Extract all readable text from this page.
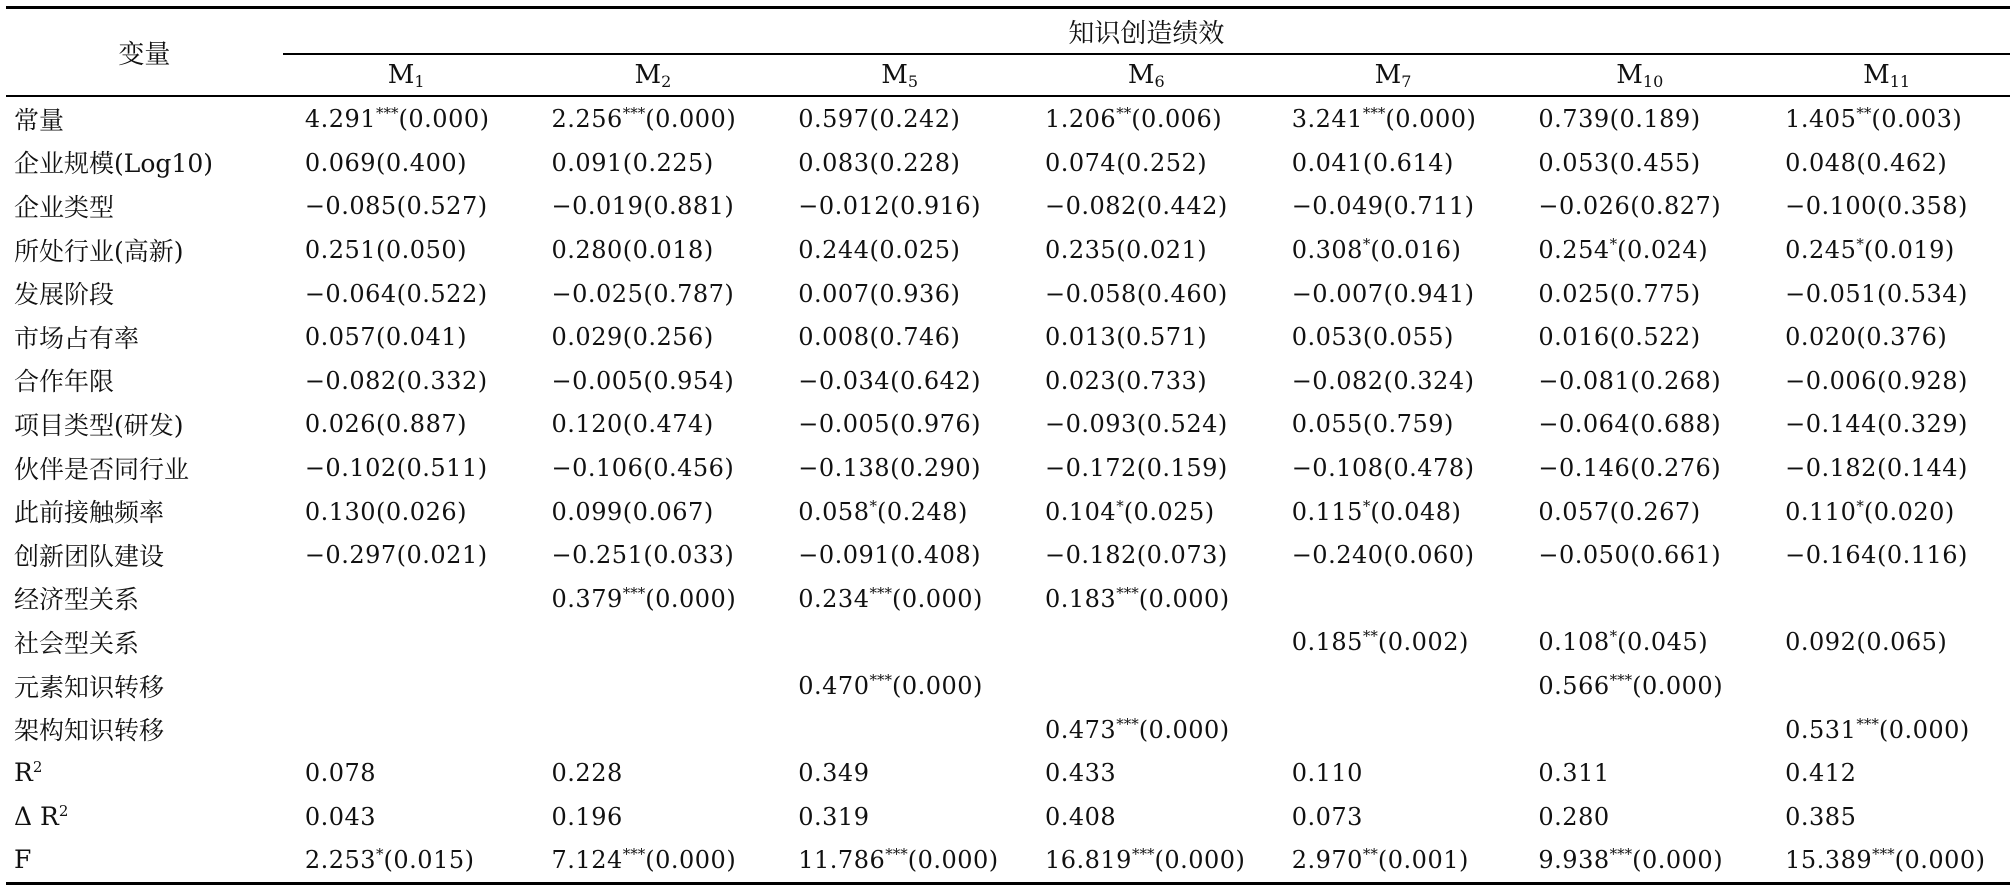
变量	知识创造绩效						
	$M_1$	$M_2$	$M_5$	$M_6$	$M_7$	$M_{10}$	$M_{11}$
常量	4.291***(0.000)	2.256***(0.000)	0.597(0.242)	1.206**(0.006)	3.241***(0.000)	0.739(0.189)	1.405**(0.003)
企业规模(Log10)	0.069(0.400)	0.091(0.225)	0.083(0.228)	0.074(0.252)	0.041(0.614)	0.053(0.455)	0.048(0.462)
企业类型	−0.085(0.527)	−0.019(0.881)	−0.012(0.916)	−0.082(0.442)	−0.049(0.711)	−0.026(0.827)	−0.100(0.358)
所处行业(高新)	0.251(0.050)	0.280(0.018)	0.244(0.025)	0.235(0.021)	0.308*(0.016)	0.254*(0.024)	0.245*(0.019)
发展阶段	−0.064(0.522)	−0.025(0.787)	0.007(0.936)	−0.058(0.460)	−0.007(0.941)	0.025(0.775)	−0.051(0.534)
市场占有率	0.057(0.041)	0.029(0.256)	0.008(0.746)	0.013(0.571)	0.053(0.055)	0.016(0.522)	0.020(0.376)
合作年限	−0.082(0.332)	−0.005(0.954)	−0.034(0.642)	0.023(0.733)	−0.082(0.324)	−0.081(0.268)	−0.006(0.928)
项目类型(研发)	0.026(0.887)	0.120(0.474)	−0.005(0.976)	−0.093(0.524)	0.055(0.759)	−0.064(0.688)	−0.144(0.329)
伙伴是否同行业	−0.102(0.511)	−0.106(0.456)	−0.138(0.290)	−0.172(0.159)	−0.108(0.478)	−0.146(0.276)	−0.182(0.144)
此前接触频率	0.130(0.026)	0.099(0.067)	0.058*(0.248)	0.104*(0.025)	0.115*(0.048)	0.057(0.267)	0.110*(0.020)
创新团队建设	−0.297(0.021)	−0.251(0.033)	−0.091(0.408)	−0.182(0.073)	−0.240(0.060)	−0.050(0.661)	−0.164(0.116)
经济型关系		0.379***(0.000)	0.234***(0.000)	0.183***(0.000)			
社会型关系					0.185**(0.002)	0.108*(0.045)	0.092(0.065)
元素知识转移			0.470***(0.000)			0.566***(0.000)	
架构知识转移				0.473***(0.000)			0.531***(0.000)
$R^2$	0.078	0.228	0.349	0.433	0.110	0.311	0.412
Δ $R^2$	0.043	0.196	0.319	0.408	0.073	0.280	0.385
F	2.253*(0.015)	7.124***(0.000)	11.786***(0.000)	16.819***(0.000)	2.970**(0.001)	9.938***(0.000)	15.389***(0.000)
